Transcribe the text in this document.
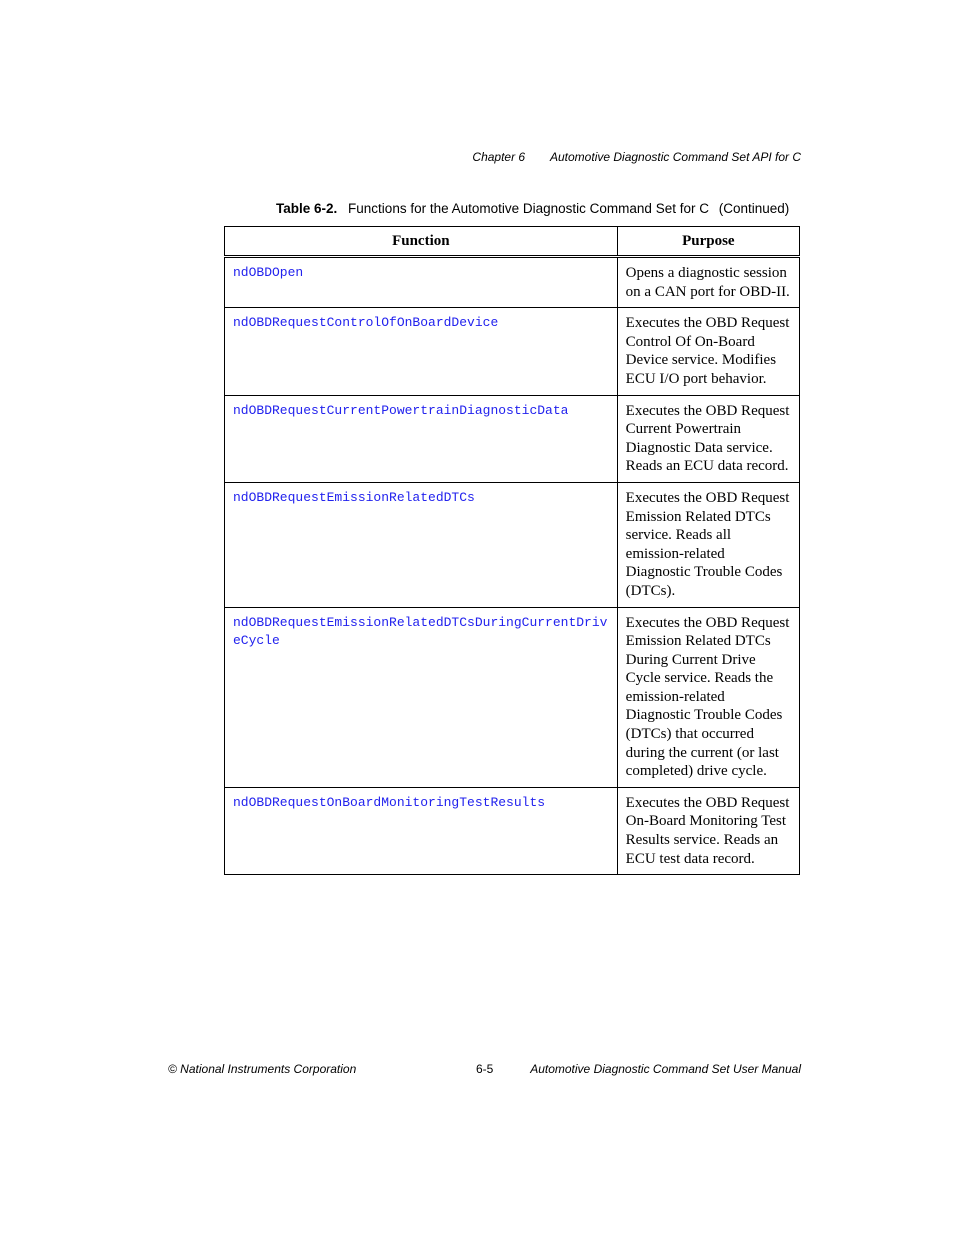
Chapter 6 Automotive Diagnostic Command Set API for C
Table 6-2. Functions for the Automotive Diagnostic Command Set for C (Continued)
Function	Purpose

ndOBDOpen	Opens a diagnostic session on a CAN port for OBD-II.

ndOBDRequestControlOfOnBoardDevice	Executes the OBD Request Control Of On-Board Device service. Modifies ECU I/O port behavior.

ndOBDRequestCurrentPowertrainDiagnosticData	Executes the OBD Request Current Powertrain Diagnostic Data service. Reads an ECU data record.

ndOBDRequestEmissionRelatedDTCs	Executes the OBD Request Emission Related DTCs service. Reads all emission-related Diagnostic Trouble Codes (DTCs).

ndOBDRequestEmissionRelatedDTCsDuringCurrentDriveCycle	Executes the OBD Request Emission Related DTCs During Current Drive Cycle service. Reads the emission-related Diagnostic Trouble Codes (DTCs) that occurred during the current (or last completed) drive cycle.

ndOBDRequestOnBoardMonitoringTestResults	Executes the OBD Request On-Board Monitoring Test Results service. Reads an ECU test data record.
© National Instruments Corporation	6-5	Automotive Diagnostic Command Set User Manual
